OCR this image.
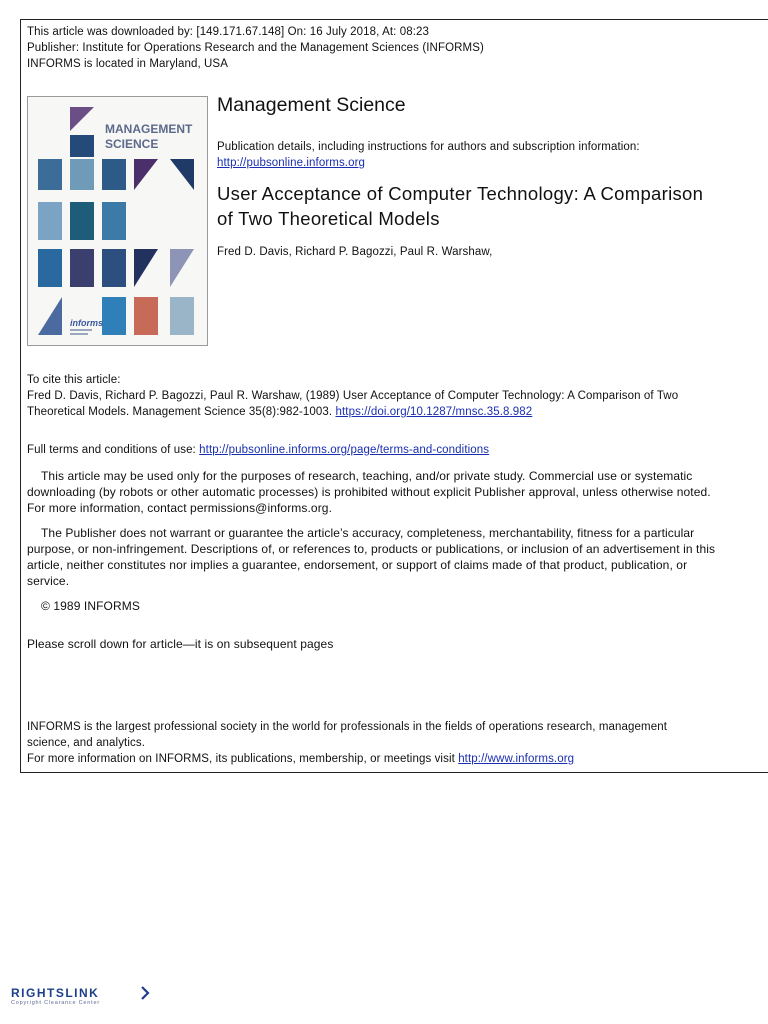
This article was downloaded by: [149.171.67.148] On: 16 July 2018, At: 08:23
Publisher: Institute for Operations Research and the Management Sciences (INFORMS)
INFORMS is located in Maryland, USA
MANAGEMENT
SCIENCE
informs
Management Science
Publication details, including instructions for authors and subscription information:
http://pubsonline.informs.org
User Acceptance of Computer Technology: A Comparison
of Two Theoretical Models
Fred D. Davis, Richard P. Bagozzi, Paul R. Warshaw,
To cite this article:
Fred D. Davis, Richard P. Bagozzi, Paul R. Warshaw, (1989) User Acceptance of Computer Technology: A Comparison of Two
Theoretical Models. Management Science 35(8):982-1003. https://doi.org/10.1287/mnsc.35.8.982
Full terms and conditions of use: http://pubsonline.informs.org/page/terms-and-conditions
This article may be used only for the purposes of research, teaching, and/or private study. Commercial use or systematic downloading (by robots or other automatic processes) is prohibited without explicit Publisher approval, unless otherwise noted. For more information, contact permissions@informs.org.
The Publisher does not warrant or guarantee the article’s accuracy, completeness, merchantability, fitness for a particular purpose, or non-infringement. Descriptions of, or references to, products or publications, or inclusion of an advertisement in this article, neither constitutes nor implies a guarantee, endorsement, or support of claims made of that product, publication, or service.
© 1989 INFORMS
Please scroll down for article—it is on subsequent pages
INFORMS is the largest professional society in the world for professionals in the fields of operations research, management
science, and analytics.
For more information on INFORMS, its publications, membership, or meetings visit http://www.informs.org
RIGHTSLINK
Copyright Clearance Center
